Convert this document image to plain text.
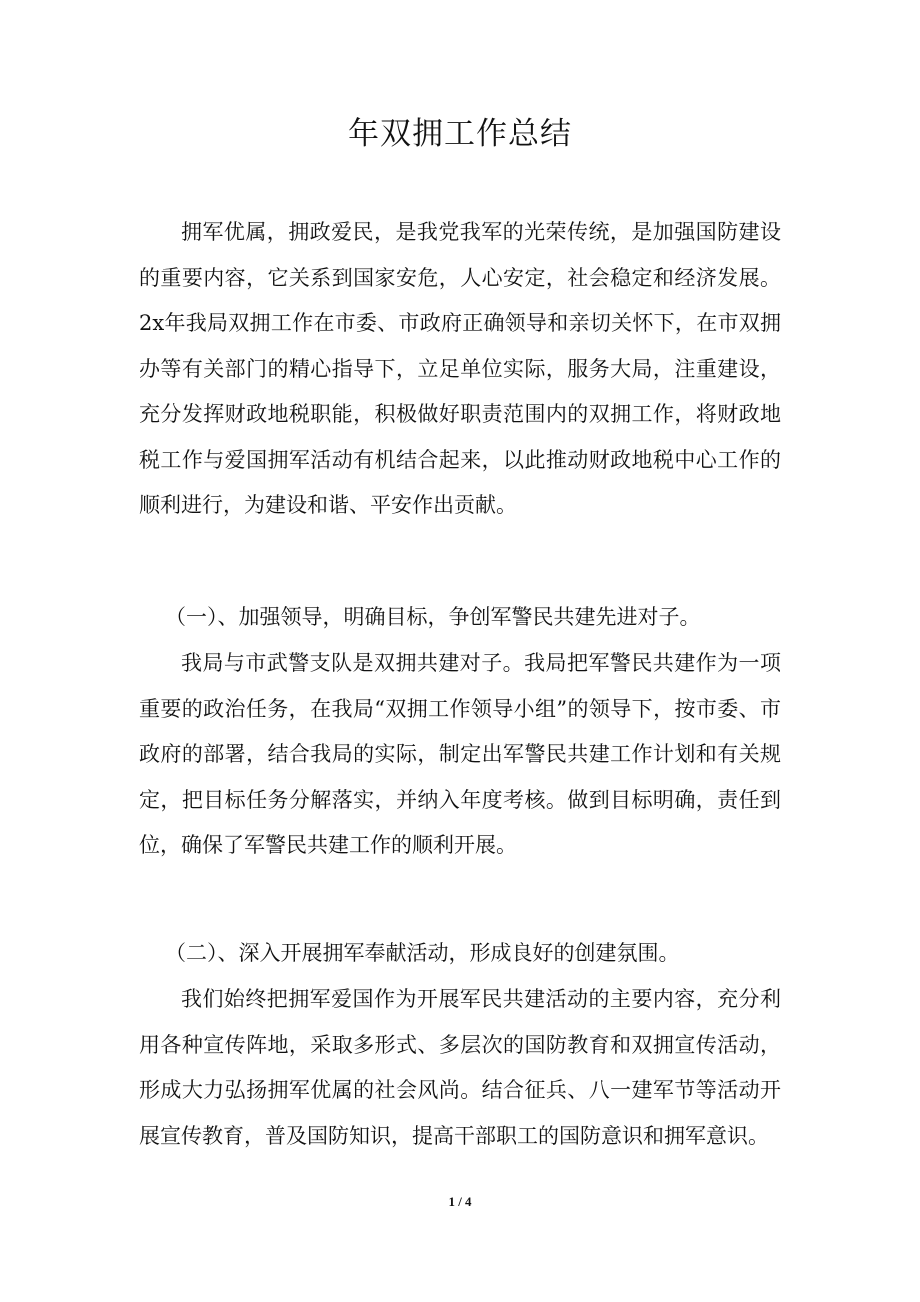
年双拥工作总结

拥军优属，拥政爱民，是我党我军的光荣传统，是加强国防建设的重要内容，它关系到国家安危，人心安定，社会稳定和经济发展。2x年我局双拥工作在市委、市政府正确领导和亲切关怀下，在市双拥办等有关部门的精心指导下，立足单位实际，服务大局，注重建设，充分发挥财政地税职能，积极做好职责范围内的双拥工作，将财政地税工作与爱国拥军活动有机结合起来，以此推动财政地税中心工作的顺利进行，为建设和谐、平安作出贡献。

（一）、加强领导，明确目标，争创军警民共建先进对子。

我局与市武警支队是双拥共建对子。我局把军警民共建作为一项重要的政治任务，在我局“双拥工作领导小组”的领导下，按市委、市政府的部署，结合我局的实际，制定出军警民共建工作计划和有关规定，把目标任务分解落实，并纳入年度考核。做到目标明确，责任到位，确保了军警民共建工作的顺利开展。

（二）、深入开展拥军奉献活动，形成良好的创建氛围。

我们始终把拥军爱国作为开展军民共建活动的主要内容，充分利用各种宣传阵地，采取多形式、多层次的国防教育和双拥宣传活动，形成大力弘扬拥军优属的社会风尚。结合征兵、八一建军节等活动开展宣传教育，普及国防知识，提高干部职工的国防意识和拥军意识。

1 / 4
